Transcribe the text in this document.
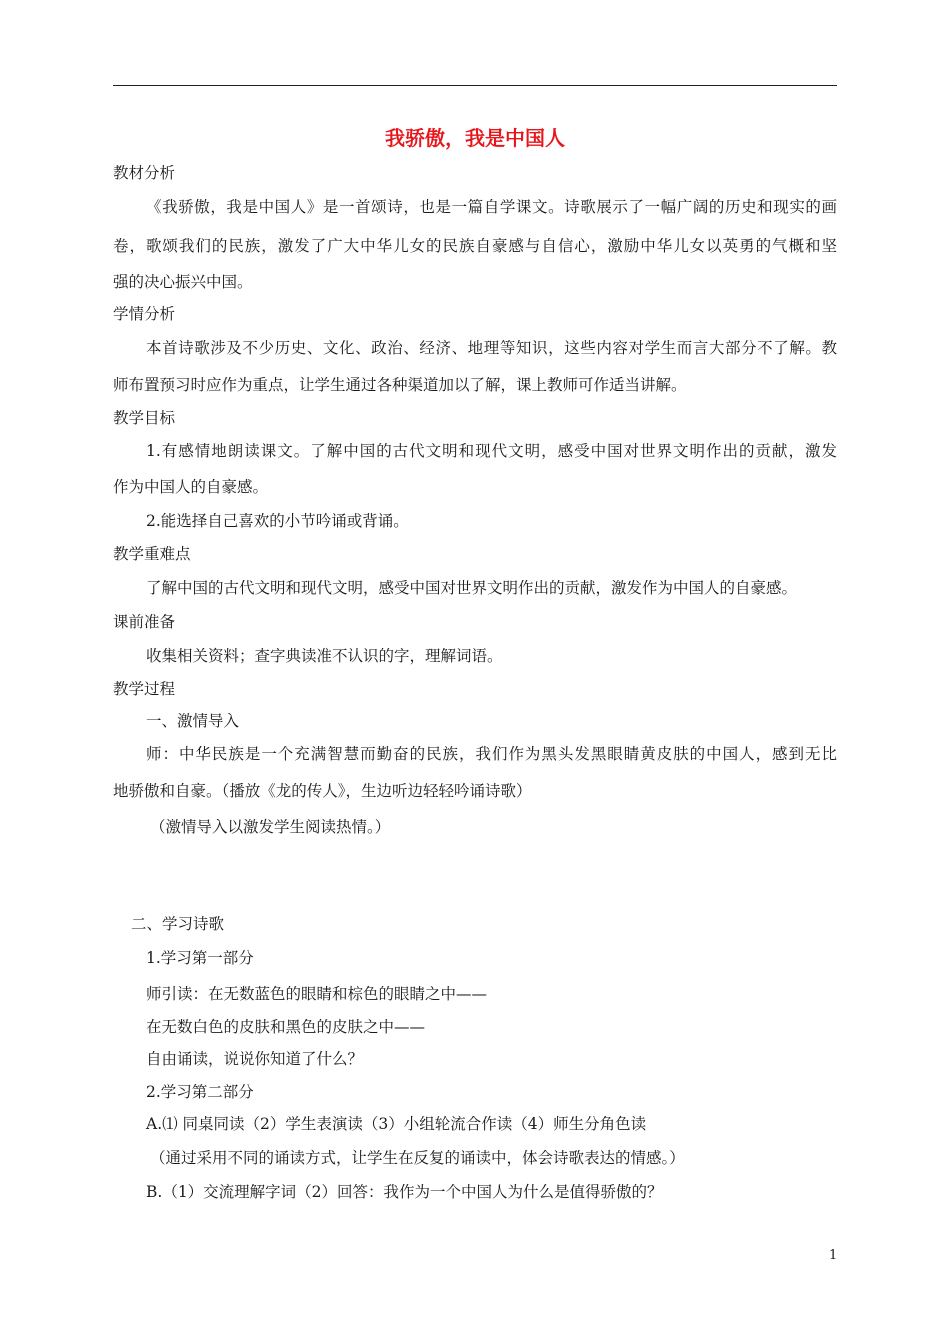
我骄傲，我是中国人
教材分析
《我骄傲，我是中国人》是一首颂诗，也是一篇自学课文。诗歌展示了一幅广阔的历史和现实的画
卷，歌颂我们的民族，激发了广大中华儿女的民族自豪感与自信心，激励中华儿女以英勇的气概和坚
强的决心振兴中国。
学情分析
本首诗歌涉及不少历史、文化、政治、经济、地理等知识，这些内容对学生而言大部分不了解。教
师布置预习时应作为重点，让学生通过各种渠道加以了解，课上教师可作适当讲解。
教学目标
1.有感情地朗读课文。了解中国的古代文明和现代文明，感受中国对世界文明作出的贡献，激发
作为中国人的自豪感。
2.能选择自己喜欢的小节吟诵或背诵。
教学重难点
了解中国的古代文明和现代文明，感受中国对世界文明作出的贡献，激发作为中国人的自豪感。
课前准备
收集相关资料；查字典读准不认识的字，理解词语。
教学过程
一、激情导入
师：中华民族是一个充满智慧而勤奋的民族，我们作为黑头发黑眼睛黄皮肤的中国人，感到无比
地骄傲和自豪。（播放《龙的传人》，生边听边轻轻吟诵诗歌）
（激情导入以激发学生阅读热情。）
二、学习诗歌
1.学习第一部分
师引读：在无数蓝色的眼睛和棕色的眼睛之中——
在无数白色的皮肤和黑色的皮肤之中——
自由诵读，说说你知道了什么？
2.学习第二部分
A.⑴ 同桌同读（2）学生表演读（3）小组轮流合作读（4）师生分角色读
（通过采用不同的诵读方式，让学生在反复的诵读中，体会诗歌表达的情感。）
B.（1）交流理解字词（2）回答：我作为一个中国人为什么是值得骄傲的？
1
